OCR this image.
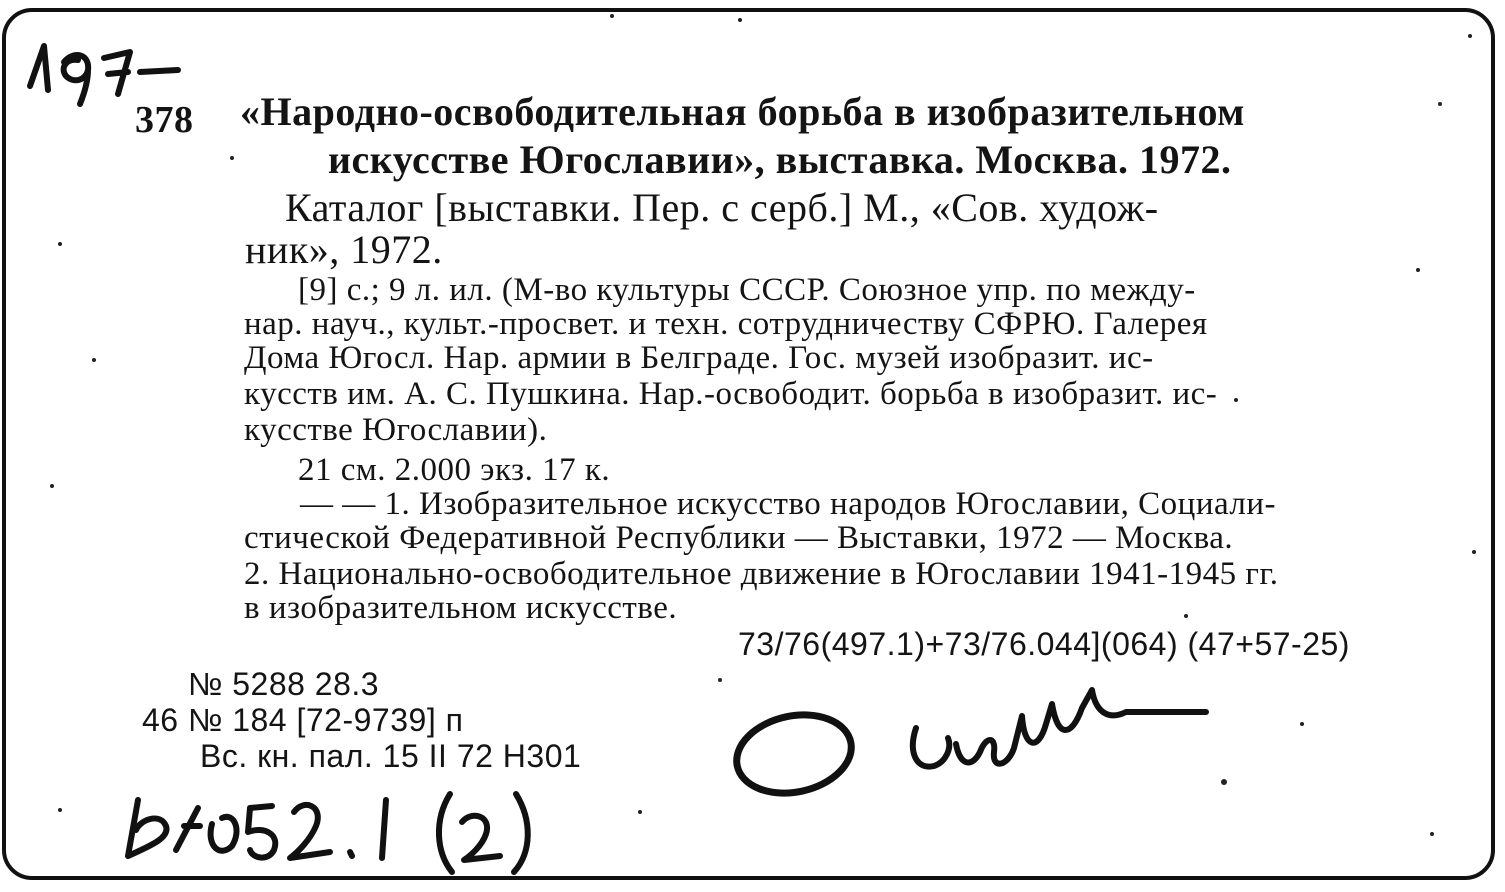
378 «Народно-освободительная борьба в изобразительном
искусстве Югославии», выставка. Москва. 1972.
Каталог [выставки. Пер. с серб.] М., «Сов. худож-
ник», 1972.
[9] с.; 9 л. ил. (М-во культуры СССР. Союзное упр. по между-
нар. науч., культ.-просвет. и техн. сотрудничеству СФРЮ. Галерея
Дома Югосл. Нар. армии в Белграде. Гос. музей изобразит. ис-
кусств им. А. С. Пушкина. Нар.-освободит. борьба в изобразит. ис-
кусстве Югославии).
21 см. 2.000 экз. 17 к.
— — 1. Изобразительное искусство народов Югославии, Социали-
стической Федеративной Республики — Выставки, 1972 — Москва.
2. Национально-освободительное движение в Югославии 1941-1945 гг.
в изобразительном искусстве.
73/76(497.1)+73/76.044](064) (47+57-25)
№ 5288 28.3
46 № 184 [72-9739] п
Вс. кн. пал. 15 II 72 Н301
